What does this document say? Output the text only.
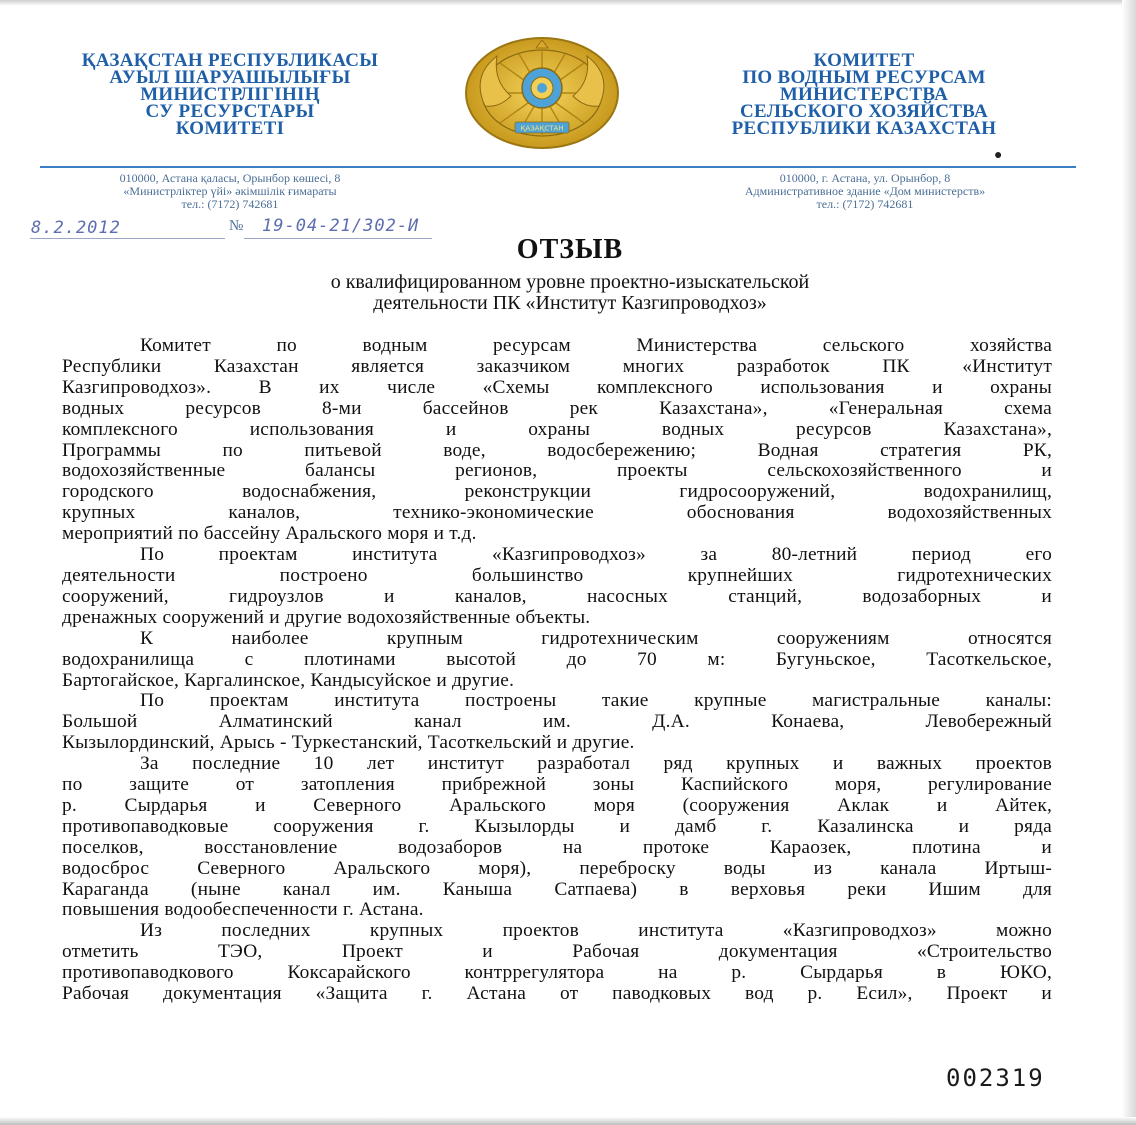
ҚАЗАҚСТАН РЕСПУБЛИКАСЫ
АУЫЛ ШАРУАШЫЛЫҒЫ
МИНИСТРЛІГІНІҢ
СУ РЕСУРСТАРЫ
КОМИТЕТІ	ҚАЗАҚСТАН
КОМИТЕТ
ПО ВОДНЫМ РЕСУРСАМ
МИНИСТЕРСТВА
СЕЛЬСКОГО ХОЗЯЙСТВА
РЕСПУБЛИКИ КАЗАХСТАН
●
010000, Астана қаласы, Орынбор көшесі, 8
«Министрліктер үйі» әкімшілік ғимараты
тел.: (7172) 742681
010000, г. Астана, ул. Орынбор, 8
Административное здание «Дом министерств»
тел.: (7172) 742681
8.2.2012	№ 19-04-21/302-И
ОТЗЫВ
о квалифицированном уровне проектно-изыскательской
деятельности ПК «Институт Казгипроводхоз»
Комитет по водным ресурсам Министерства сельского хозяйства
Республики Казахстан является заказчиком многих разработок ПК «Институт
Казгипроводхоз». В их числе «Схемы комплексного использования и охраны
водных ресурсов 8-ми бассейнов рек Казахстана», «Генеральная схема
комплексного использования и охраны водных ресурсов Казахстана»,
Программы по питьевой воде, водосбережению; Водная стратегия РК,
водохозяйственные балансы регионов, проекты сельскохозяйственного и
городского водоснабжения, реконструкции гидросооружений, водохранилищ,
крупных каналов, технико-экономические обоснования водохозяйственных
мероприятий по бассейну Аральского моря и т.д.
По проектам института «Казгипроводхоз» за 80-летний период его
деятельности построено большинство крупнейших гидротехнических
сооружений, гидроузлов и каналов, насосных станций, водозаборных и
дренажных сооружений и другие водохозяйственные объекты.
К наиболее крупным гидротехническим сооружениям относятся
водохранилища с плотинами высотой до 70 м: Бугуньское, Тасоткельское,
Бартогайское, Каргалинское, Кандысуйское и другие.
По проектам института построены такие крупные магистральные каналы:
Большой Алматинский канал им. Д.А. Конаева, Левобережный
Кызылординский, Арысь - Туркестанский, Тасоткельский и другие.
За последние 10 лет институт разработал ряд крупных и важных проектов
по защите от затопления прибрежной зоны Каспийского моря, регулирование
р. Сырдарья и Северного Аральского моря (сооружения Аклак и Айтек,
противопаводковые сооружения г. Кызылорды и дамб г. Казалинска и ряда
поселков, восстановление водозаборов на протоке Караозек, плотина и
водосброс Северного Аральского моря), переброску воды из канала Иртыш-
Караганда (ныне канал им. Каныша Сатпаева) в верховья реки Ишим для
повышения водообеспеченности г. Астана.
Из последних крупных проектов института «Казгипроводхоз» можно
отметить ТЭО, Проект и Рабочая документация «Строительство
противопаводкового Коксарайского контррегулятора на р. Сырдарья в ЮКО,
Рабочая документация «Защита г. Астана от паводковых вод р. Есил», Проект и
002319
